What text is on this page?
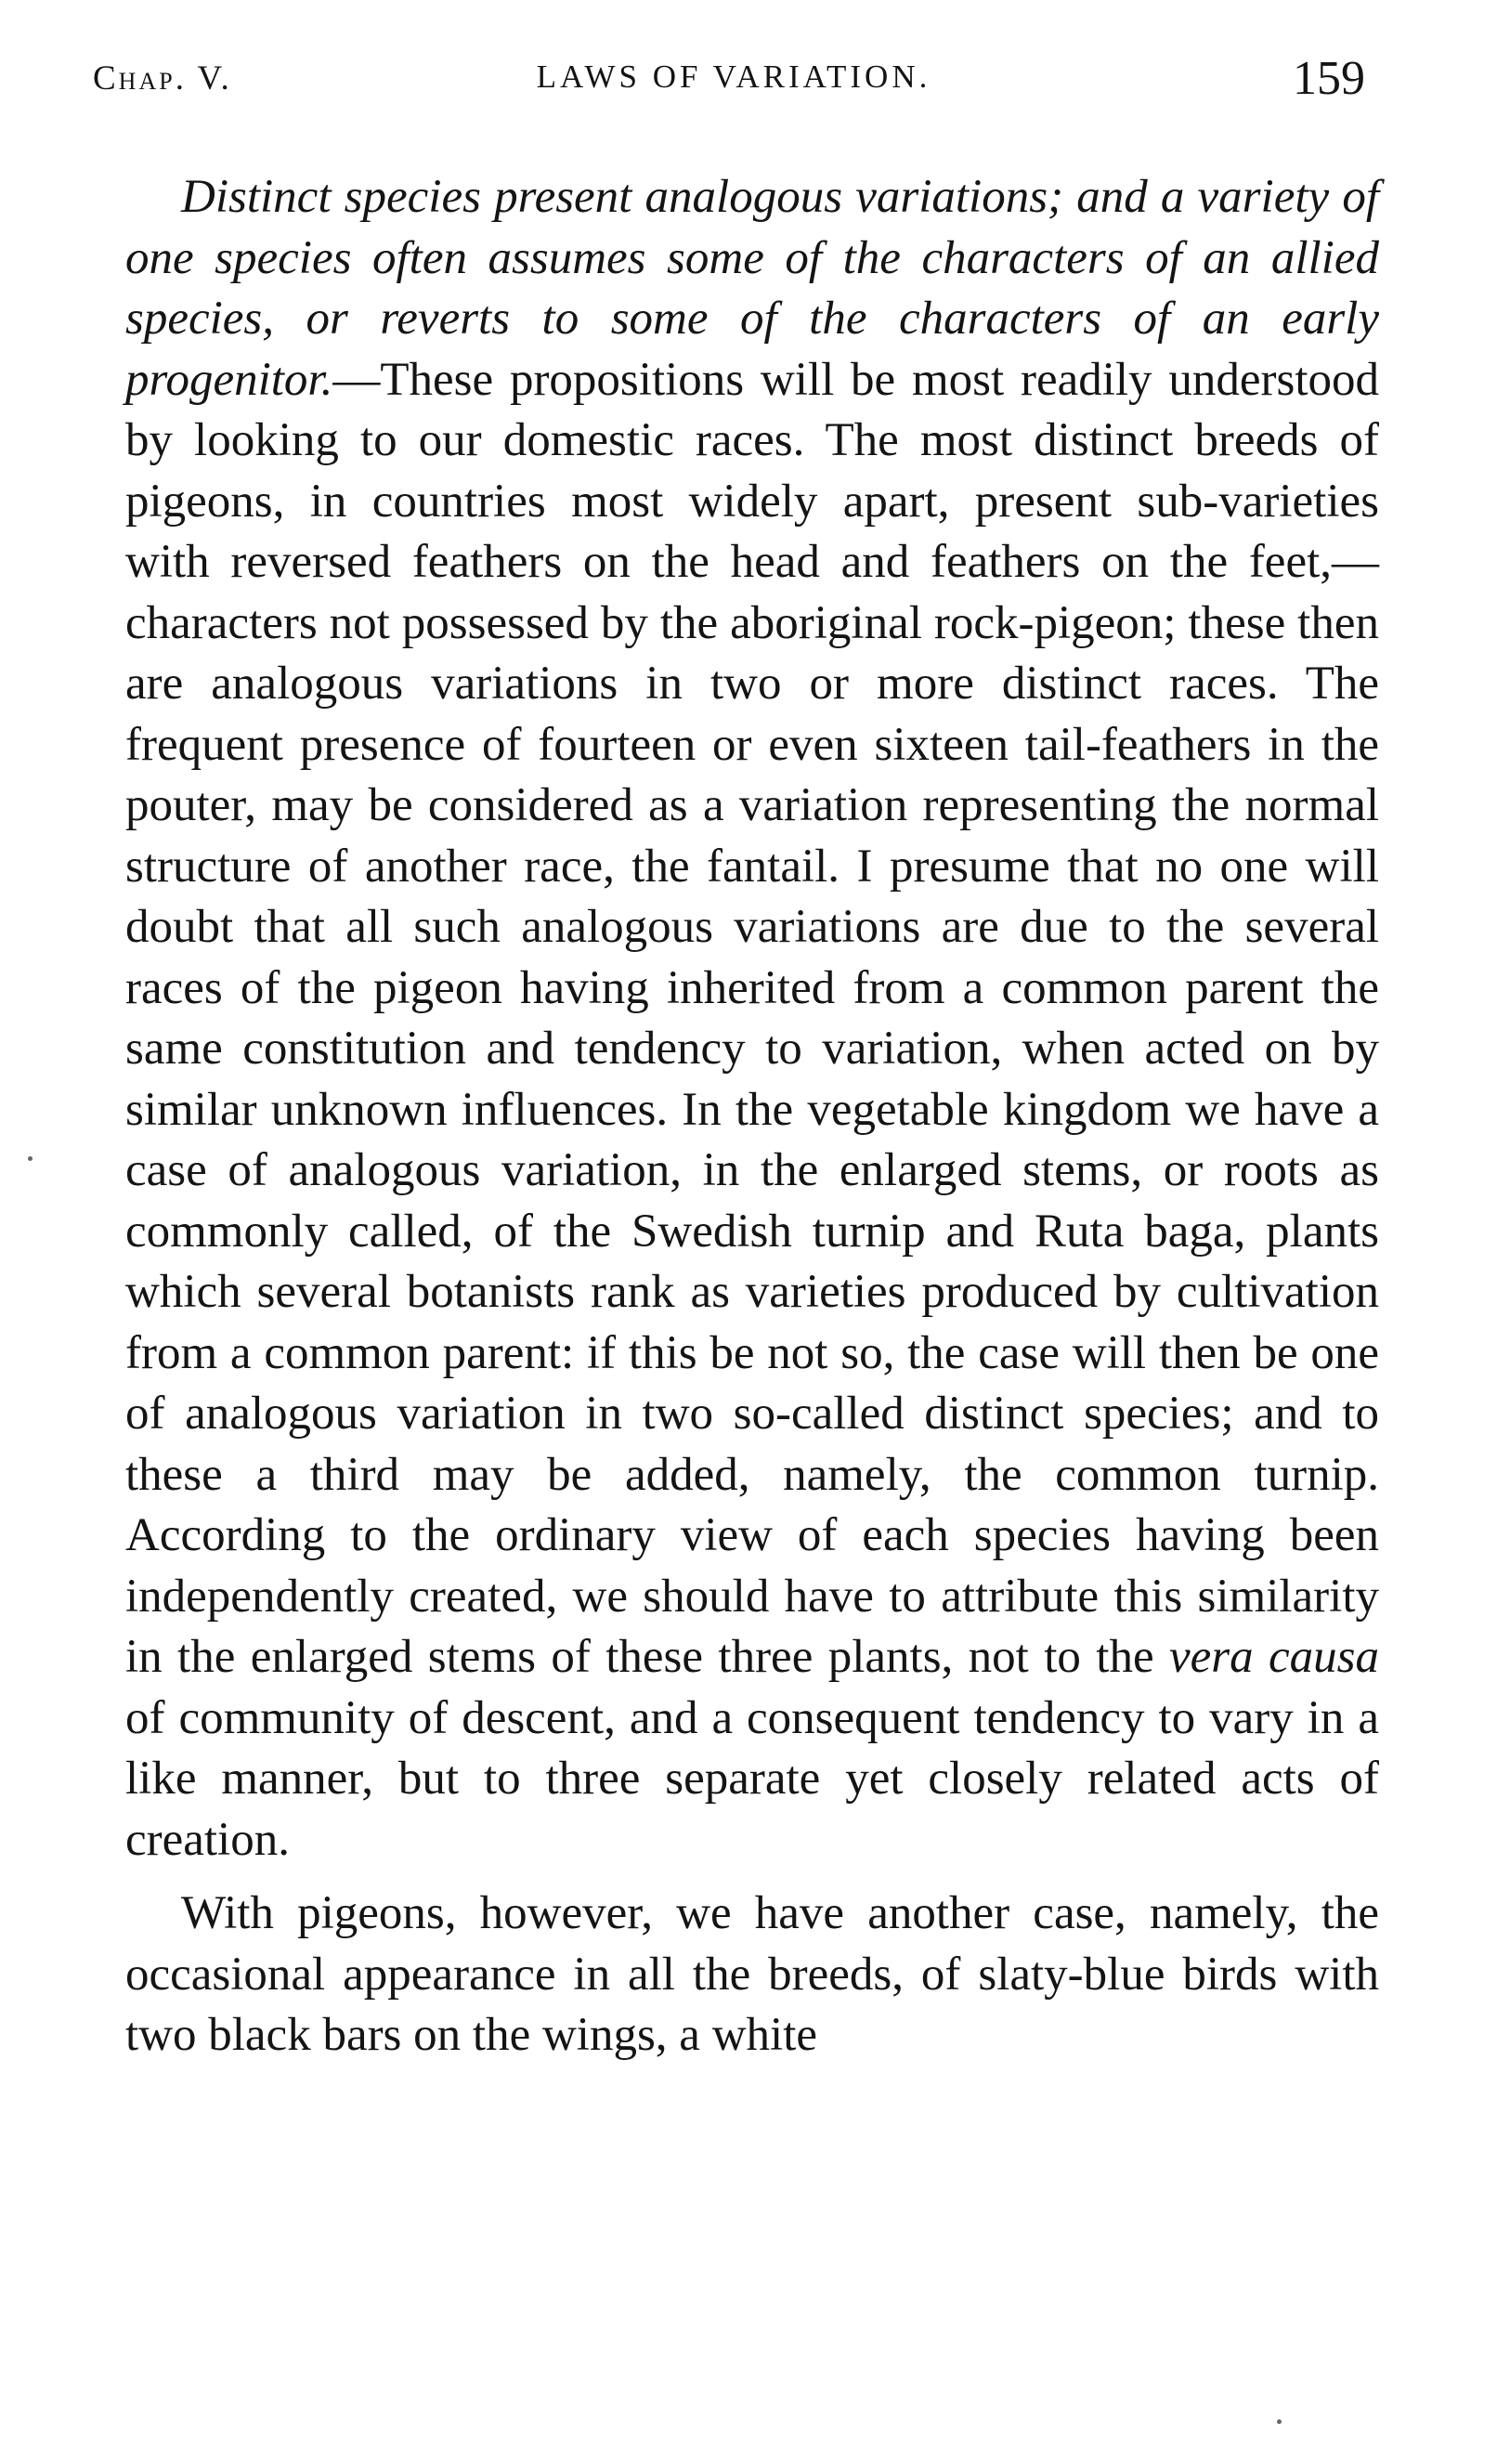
Chap. V.	LAWS OF VARIATION.	159

Distinct species present analogous variations; and a variety of one species often assumes some of the characters of an allied species, or reverts to some of the characters of an early progenitor.—These propositions will be most readily understood by looking to our domestic races. The most distinct breeds of pigeons, in countries most widely apart, present sub-varieties with reversed feathers on the head and feathers on the feet,—characters not possessed by the aboriginal rock-pigeon; these then are analogous variations in two or more distinct races. The frequent presence of fourteen or even sixteen tail-feathers in the pouter, may be considered as a variation representing the normal structure of another race, the fantail. I presume that no one will doubt that all such analogous variations are due to the several races of the pigeon having inherited from a common parent the same constitution and tendency to variation, when acted on by similar unknown influences. In the vegetable kingdom we have a case of analogous variation, in the enlarged stems, or roots as commonly called, of the Swedish turnip and Ruta baga, plants which several botanists rank as varieties produced by cultivation from a common parent: if this be not so, the case will then be one of analogous variation in two so-called distinct species; and to these a third may be added, namely, the common turnip. According to the ordinary view of each species having been independently created, we should have to attribute this similarity in the enlarged stems of these three plants, not to the vera causa of community of descent, and a consequent tendency to vary in a like manner, but to three separate yet closely related acts of creation.

With pigeons, however, we have another case, namely, the occasional appearance in all the breeds, of slaty-blue birds with two black bars on the wings, a white
